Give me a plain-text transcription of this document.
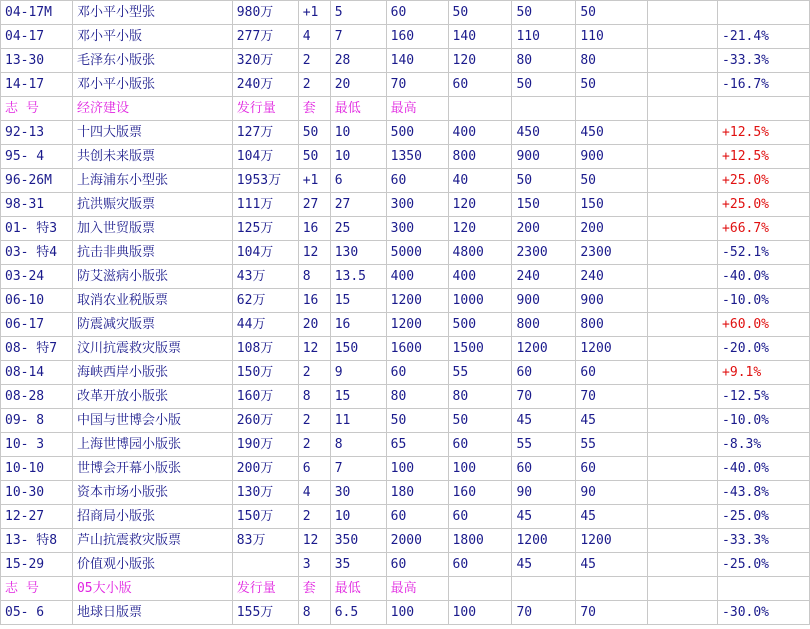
04-17M	邓小平小型张	980万	+1	5	60	50	50	50		
04-17	邓小平小版	277万	4	7	160	140	110	110		-21.4%
13-30	毛泽东小版张	320万	2	28	140	120	80	80		-33.3%
14-17	邓小平小版张	240万	2	20	70	60	50	50		-16.7%
志 号	经济建设	发行量	套	最低	最高					
92-13	十四大版票	127万	50	10	500	400	450	450		+12.5%
95- 4	共创未来版票	104万	50	10	1350	800	900	900		+12.5%
96-26M	上海浦东小型张	1953万	+1	6	60	40	50	50		+25.0%
98-31	抗洪赈灾版票	111万	27	27	300	120	150	150		+25.0%
01- 特3	加入世贸版票	125万	16	25	300	120	200	200		+66.7%
03- 特4	抗击非典版票	104万	12	130	5000	4800	2300	2300		-52.1%
03-24	防艾滋病小版张	43万	8	13.5	400	400	240	240		-40.0%
06-10	取消农业税版票	62万	16	15	1200	1000	900	900		-10.0%
06-17	防震减灾版票	44万	20	16	1200	500	800	800		+60.0%
08- 特7	汶川抗震救灾版票	108万	12	150	1600	1500	1200	1200		-20.0%
08-14	海峡西岸小版张	150万	2	9	60	55	60	60		+9.1%
08-28	改革开放小版张	160万	8	15	80	80	70	70		-12.5%
09- 8	中国与世博会小版	260万	2	11	50	50	45	45		-10.0%
10- 3	上海世博园小版张	190万	2	8	65	60	55	55		-8.3%
10-10	世博会开幕小版张	200万	6	7	100	100	60	60		-40.0%
10-30	资本市场小版张	130万	4	30	180	160	90	90		-43.8%
12-27	招商局小版张	150万	2	10	60	60	45	45		-25.0%
13- 特8	芦山抗震救灾版票	83万	12	350	2000	1800	1200	1200		-33.3%
15-29	价值观小版张		3	35	60	60	45	45		-25.0%
志 号	05大小版	发行量	套	最低	最高					
05- 6	地球日版票	155万	8	6.5	100	100	70	70		-30.0%
